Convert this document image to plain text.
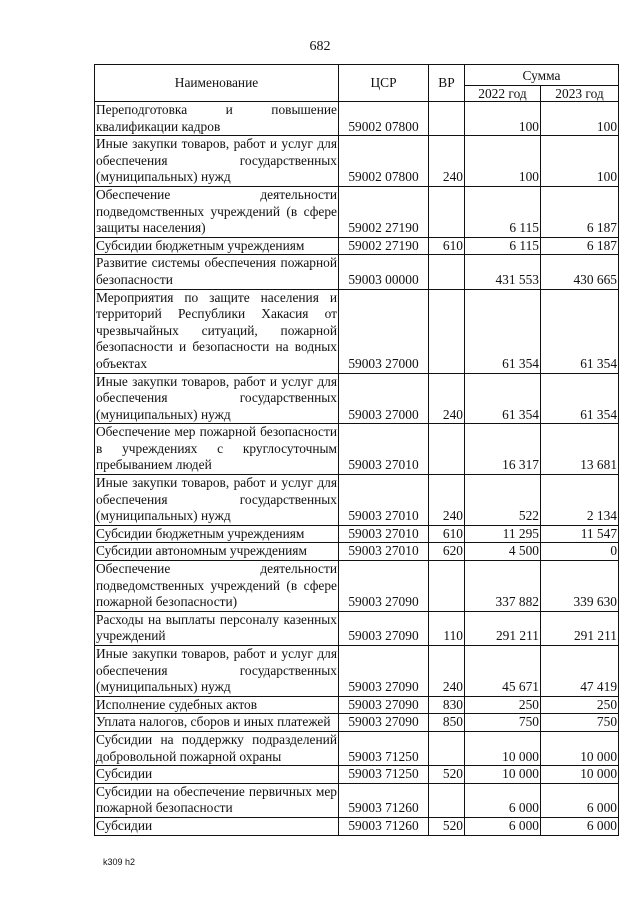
682
Наименование	ЦСР	ВР	Сумма	
			2022 год	2023 год
Переподготовка и повышение квалификации кадров	59002 07800		100	100
Иные закупки товаров, работ и услуг для обеспечения государственных (муниципальных) нужд	59002 07800	240	100	100
Обеспечение деятельности подведомственных учреждений (в сфере защиты населения)	59002 27190		6 115	6 187
Субсидии бюджетным учреждениям	59002 27190	610	6 115	6 187
Развитие системы обеспечения пожарной безопасности	59003 00000		431 553	430 665
Мероприятия по защите населения и территорий Республики Хакасия от чрезвычайных ситуаций, пожарной безопасности и безопасности на водных объектах	59003 27000		61 354	61 354
Иные закупки товаров, работ и услуг для обеспечения государственных (муниципальных) нужд	59003 27000	240	61 354	61 354
Обеспечение мер пожарной безопасности в учреждениях с круглосуточным пребыванием людей	59003 27010		16 317	13 681
Иные закупки товаров, работ и услуг для обеспечения государственных (муниципальных) нужд	59003 27010	240	522	2 134
Субсидии бюджетным учреждениям	59003 27010	610	11 295	11 547
Субсидии автономным учреждениям	59003 27010	620	4 500	0
Обеспечение деятельности подведомственных учреждений (в сфере пожарной безопасности)	59003 27090		337 882	339 630
Расходы на выплаты персоналу казенных учреждений	59003 27090	110	291 211	291 211
Иные закупки товаров, работ и услуг для обеспечения государственных (муниципальных) нужд	59003 27090	240	45 671	47 419
Исполнение судебных актов	59003 27090	830	250	250
Уплата налогов, сборов и иных платежей	59003 27090	850	750	750
Субсидии на поддержку подразделений добровольной пожарной охраны	59003 71250		10 000	10 000
Субсидии	59003 71250	520	10 000	10 000
Субсидии на обеспечение первичных мер пожарной безопасности	59003 71260		6 000	6 000
Субсидии	59003 71260	520	6 000	6 000
k309 h2
